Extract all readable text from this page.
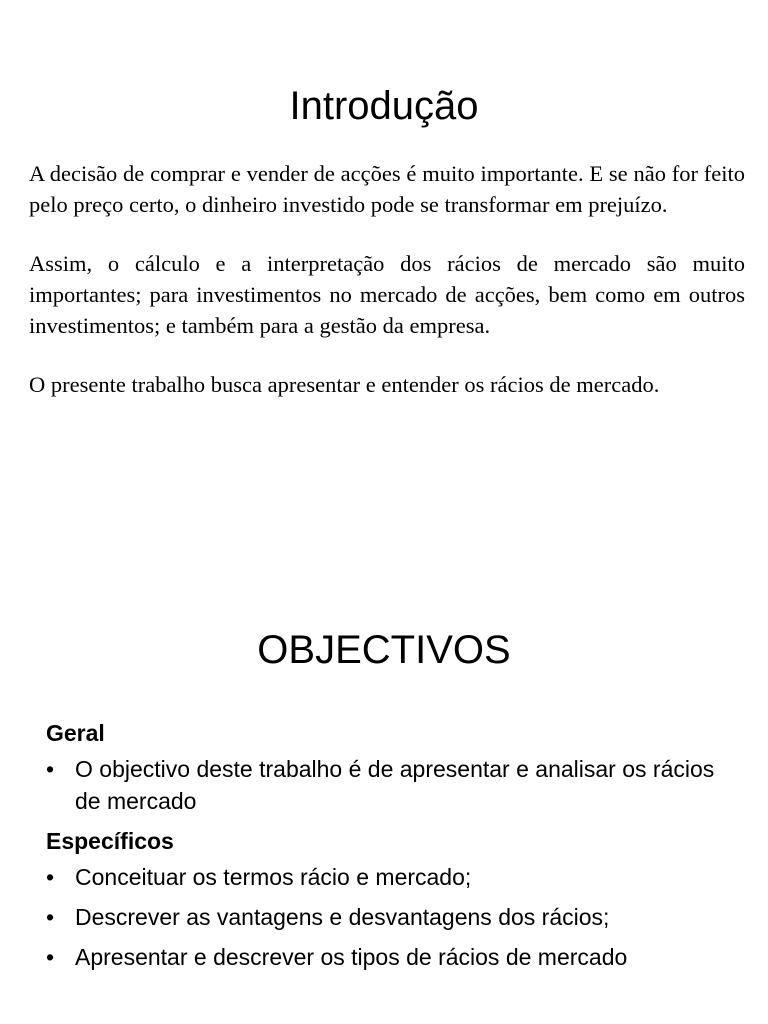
Introdução

A decisão de comprar e vender de acções é muito importante. E se não for feito pelo preço certo, o dinheiro investido pode se transformar em prejuízo.

Assim, o cálculo e a interpretação dos rácios de mercado são muito importantes; para investimentos no mercado de acções, bem como em outros investimentos; e também para a gestão da empresa.

O presente trabalho busca apresentar e entender os rácios de mercado.

OBJECTIVOS
Geral
• O objectivo deste trabalho é de apresentar e analisar os rácios de mercado
Específicos
• Conceituar os termos rácio e mercado;
• Descrever as vantagens e desvantagens dos rácios;
• Apresentar e descrever os tipos de rácios de mercado
